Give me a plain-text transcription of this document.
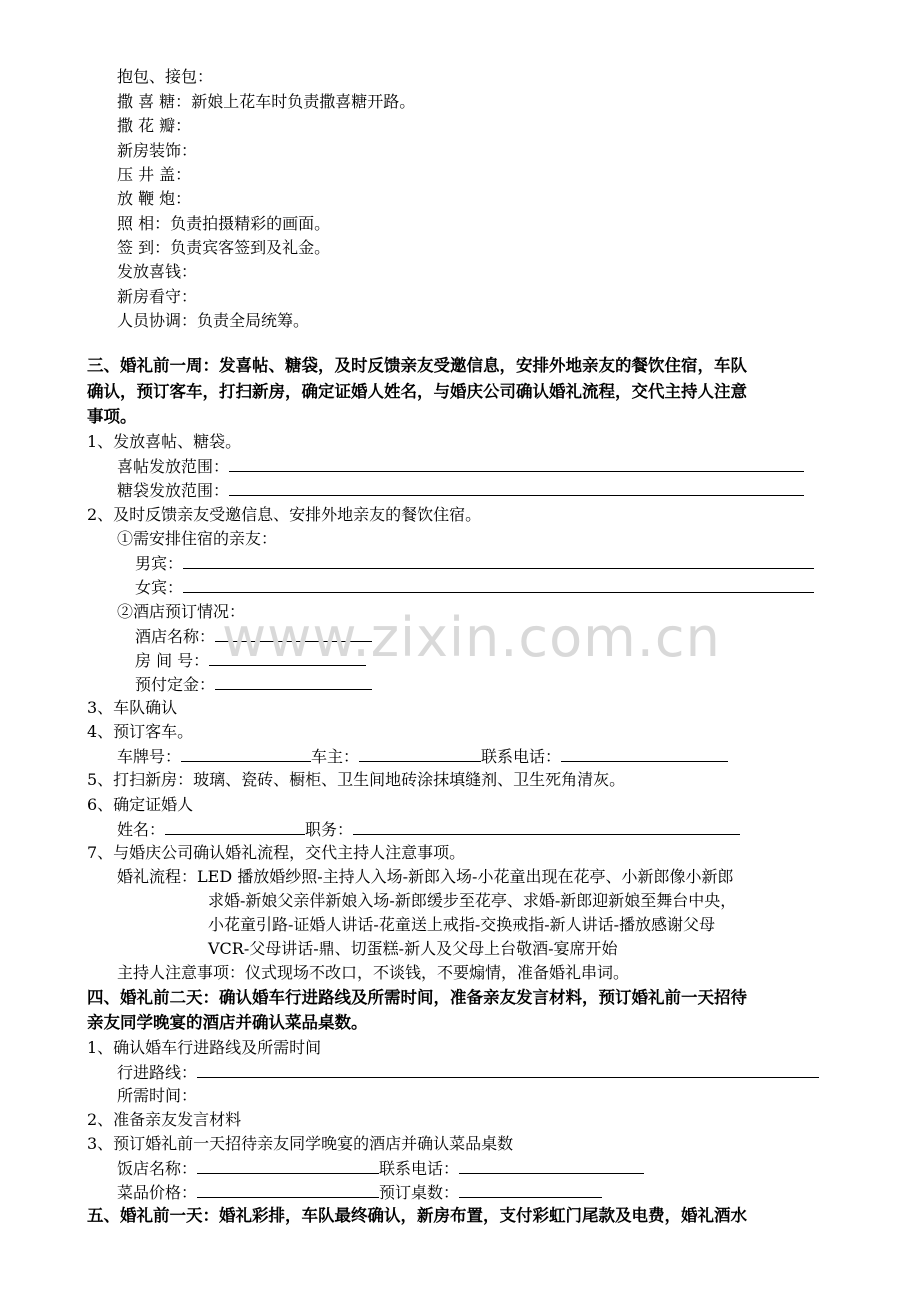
抱包、接包：
撒 喜 糖：新娘上花车时负责撒喜糖开路。
撒 花 瓣：
新房装饰：
压 井 盖：
放 鞭 炮：
照 相：负责拍摄精彩的画面。
签 到：负责宾客签到及礼金。
发放喜钱：
新房看守：
人员协调：负责全局统筹。
三、婚礼前一周：发喜帖、糖袋，及时反馈亲友受邀信息，安排外地亲友的餐饮住宿，车队
确认，预订客车，打扫新房，确定证婚人姓名，与婚庆公司确认婚礼流程，交代主持人注意
事项。
1、发放喜帖、糖袋。
喜帖发放范围：
糖袋发放范围：
2、及时反馈亲友受邀信息、安排外地亲友的餐饮住宿。
①需安排住宿的亲友：
男宾：
女宾：
②酒店预订情况：
酒店名称：
房 间 号：
预付定金：
3、车队确认
4、预订客车。
车牌号：	车主：	联系电话：
5、打扫新房：玻璃、瓷砖、橱柜、卫生间地砖涂抹填缝剂、卫生死角清灰。
6、确定证婚人
姓名：	职务：
7、与婚庆公司确认婚礼流程，交代主持人注意事项。
婚礼流程：LED 播放婚纱照-主持人入场-新郎入场-小花童出现在花亭、小新郎像小新郎
求婚-新娘父亲伴新娘入场-新郎缓步至花亭、求婚-新郎迎新娘至舞台中央，
小花童引路-证婚人讲话-花童送上戒指-交换戒指-新人讲话-播放感谢父母
VCR-父母讲话-鼎、切蛋糕-新人及父母上台敬酒-宴席开始
主持人注意事项：仪式现场不改口，不谈钱，不要煽情，准备婚礼串词。
四、婚礼前二天：确认婚车行进路线及所需时间，准备亲友发言材料，预订婚礼前一天招待
亲友同学晚宴的酒店并确认菜品桌数。
1、确认婚车行进路线及所需时间
行进路线：
所需时间：
2、准备亲友发言材料
3、预订婚礼前一天招待亲友同学晚宴的酒店并确认菜品桌数
饭店名称：	联系电话：
菜品价格：	预订桌数：
五、婚礼前一天：婚礼彩排，车队最终确认，新房布置，支付彩虹门尾款及电费，婚礼酒水
www.zixin.com.cn
